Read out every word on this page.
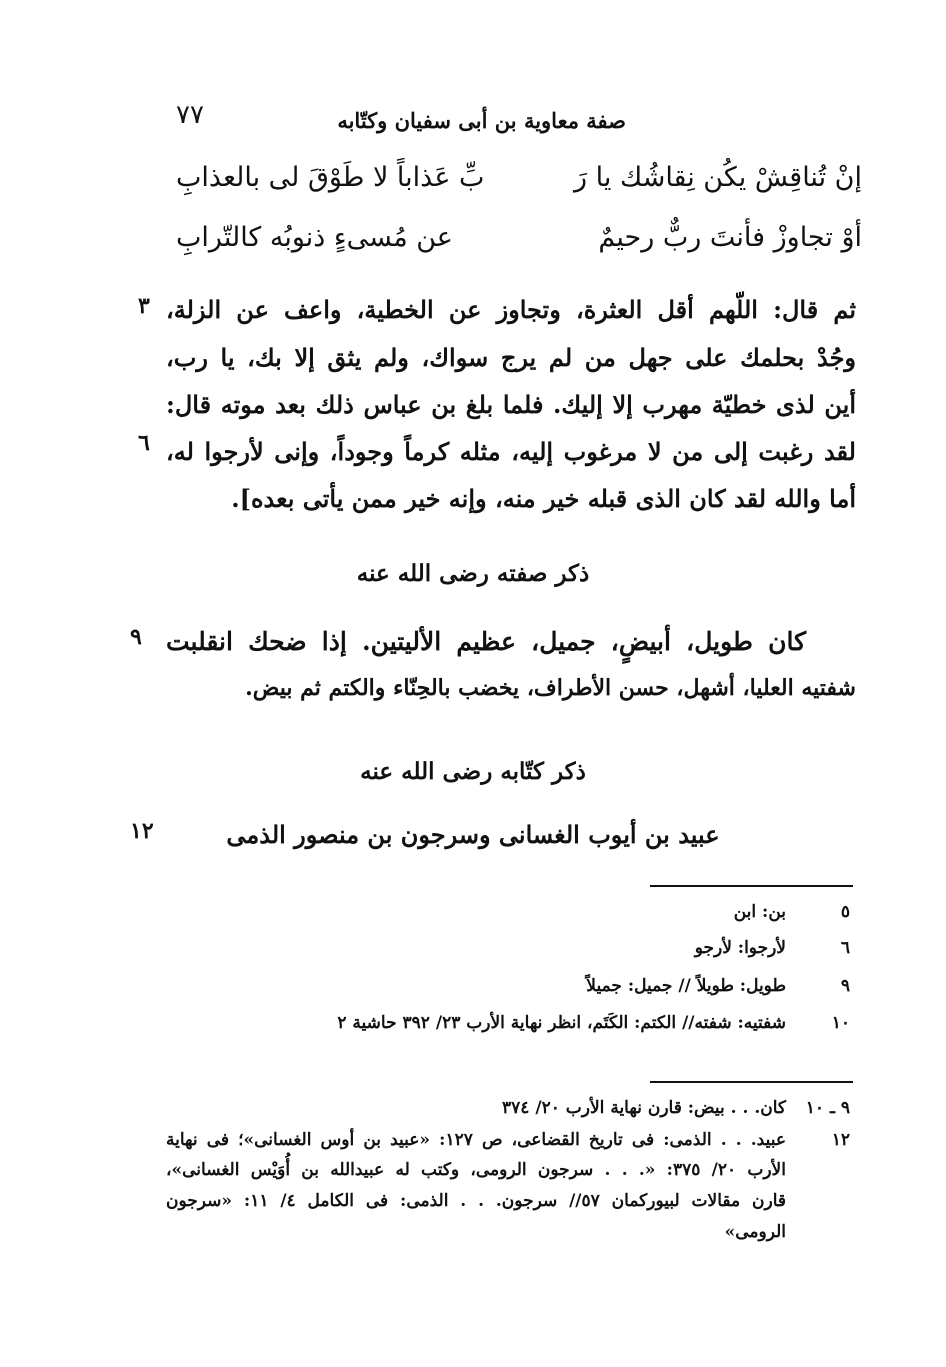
٧٧	صفة معاوية بن أبى سفيان وكتّابه
إنْ تُناقِشْ يكُن نِقاشُك يا رَ
بِّ عَذاباً لا طَوْقَ لى بالعذابِ
أوْ تجاوزْ فأنتَ ربٌّ رحيمٌ
عن مُسىءٍ ذنوبُه كالتّرابِ
ثم قال: اللّهم أقل العثرة، وتجاوز عن الخطية، واعف عن الزلة،
وجُدْ بحلمك على جهل من لم يرج سواك، ولم يثق إلا بك، يا رب،
أين لذى خطيّة مهرب إلا إليك. فلما بلغ بن عباس ذلك بعد موته قال:
لقد رغبت إلى من لا مرغوب إليه، مثله كرماً وجوداً، وإنى لأرجوا له،
أما والله لقد كان الذى قبله خير منه، وإنه خير ممن يأتى بعده].
٣
٦
ذكر صفته رضى الله عنه
كان طويل، أبيضٍ، جميل، عظيم الأليتين. إذا ضحك انقلبت
شفتيه العليا، أشهل، حسن الأطراف، يخضب بالحِنّاء والكتم ثم بيض.
٩
ذكر كتّابه رضى الله عنه
عبيد بن أيوب الغسانى وسرجون بن منصور الذمى
١٢
٥
بن: ابن
٦
لأرجوا: لأرجو
٩
طويل: طويلاً // جميل: جميلاً
١٠
شفتيه: شفته// الكتم: الكَتَم، انظر نهاية الأرب ٢٣/ ٣٩٢ حاشية ٢
٩ ـ ١٠
كان. . . بيض: قارن نهاية الأرب ٢٠/ ٣٧٤
١٢
عبيد. . . الذمى: فى تاريخ القضاعى، ص ١٢٧: «عبيد بن أوس الغسانى»؛ فى نهاية
الأرب ٢٠/ ٣٧٥: «. . . سرجون الرومى، وكتب له عبيدالله بن أُوَيْس الغسانى»،
قارن مقالات لبيوركمان ٥٧// سرجون. . . الذمى: فى الكامل ٤/ ١١: «سرجون
الرومى»
